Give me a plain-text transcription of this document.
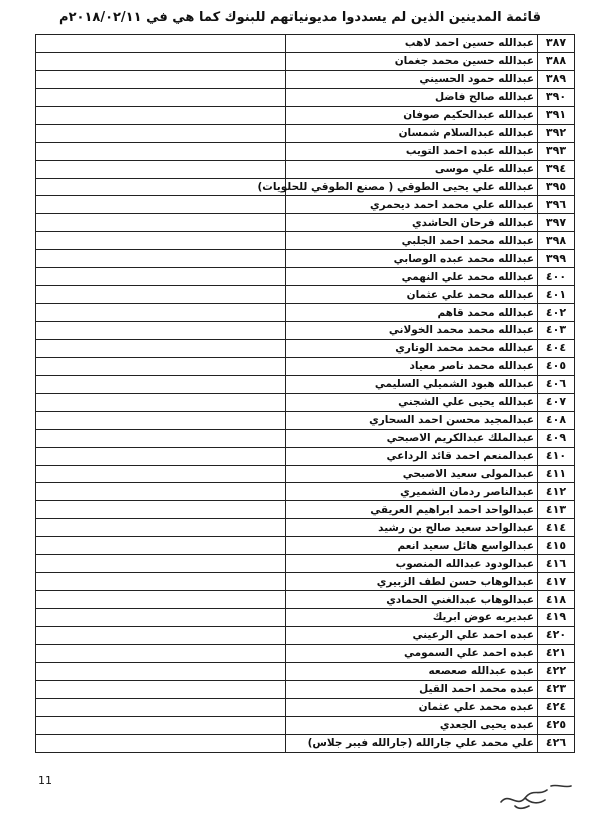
قائمة المدينين الذين لم يسددوا مديونياتهم للبنوك كما هي في ٢٠١٨/٠٢/١١م
٣٨٧	عبدالله حسين احمد لاهب	
٣٨٨	عبدالله حسين محمد جغمان	
٣٨٩	عبدالله حمود الحسيني	
٣٩٠	عبدالله صالح فاضل	
٣٩١	عبدالله عبدالحكيم صوفان	
٣٩٢	عبدالله عبدالسلام شمسان	
٣٩٣	عبدالله عبده احمد التويب	
٣٩٤	عبدالله علي موسى	
٣٩٥	عبدالله علي يحيى الطوقي ( مصنع الطوقي للحلويات)	
٣٩٦	عبدالله علي محمد احمد ديحمري	
٣٩٧	عبدالله فرحان الحاشدي	
٣٩٨	عبدالله محمد احمد الجلبي	
٣٩٩	عبدالله محمد عبده الوصابي	
٤٠٠	عبدالله محمد علي النهمي	
٤٠١	عبدالله محمد علي عثمان	
٤٠٢	عبدالله محمد قاهم	
٤٠٣	عبدالله محمد محمد الخولاني	
٤٠٤	عبدالله محمد محمد الوتاري	
٤٠٥	عبدالله محمد ناصر معياد	
٤٠٦	عبدالله هبود الشميلي السليمي	
٤٠٧	عبدالله يحيى علي الشجني	
٤٠٨	عبدالمجيد محسن احمد السحاري	
٤٠٩	عبدالملك عبدالكريم الاصبحي	
٤١٠	عبدالمنعم احمد قائد الرداعي	
٤١١	عبدالمولى سعيد الاصبحي	
٤١٢	عبدالناصر ردمان الشميري	
٤١٣	عبدالواحد احمد ابراهيم العريقي	
٤١٤	عبدالواحد سعيد صالح بن رشيد	
٤١٥	عبدالواسع هائل سعيد انعم	
٤١٦	عبدالودود عبدالله المنصوب	
٤١٧	عبدالوهاب حسن لطف الزبيري	
٤١٨	عبدالوهاب عبدالغني الحمادي	
٤١٩	عبديربه عوض ابريك	
٤٢٠	عبده احمد علي الرعيني	
٤٢١	عبده احمد علي السمومي	
٤٢٢	عبده عبدالله صعصعه	
٤٢٣	عبده محمد احمد القيل	
٤٢٤	عبده محمد علي عثمان	
٤٢٥	عبده يحيى الجعدي	
٤٢٦	علي محمد علي جارالله (جارالله فيبر جلاس)	
11
